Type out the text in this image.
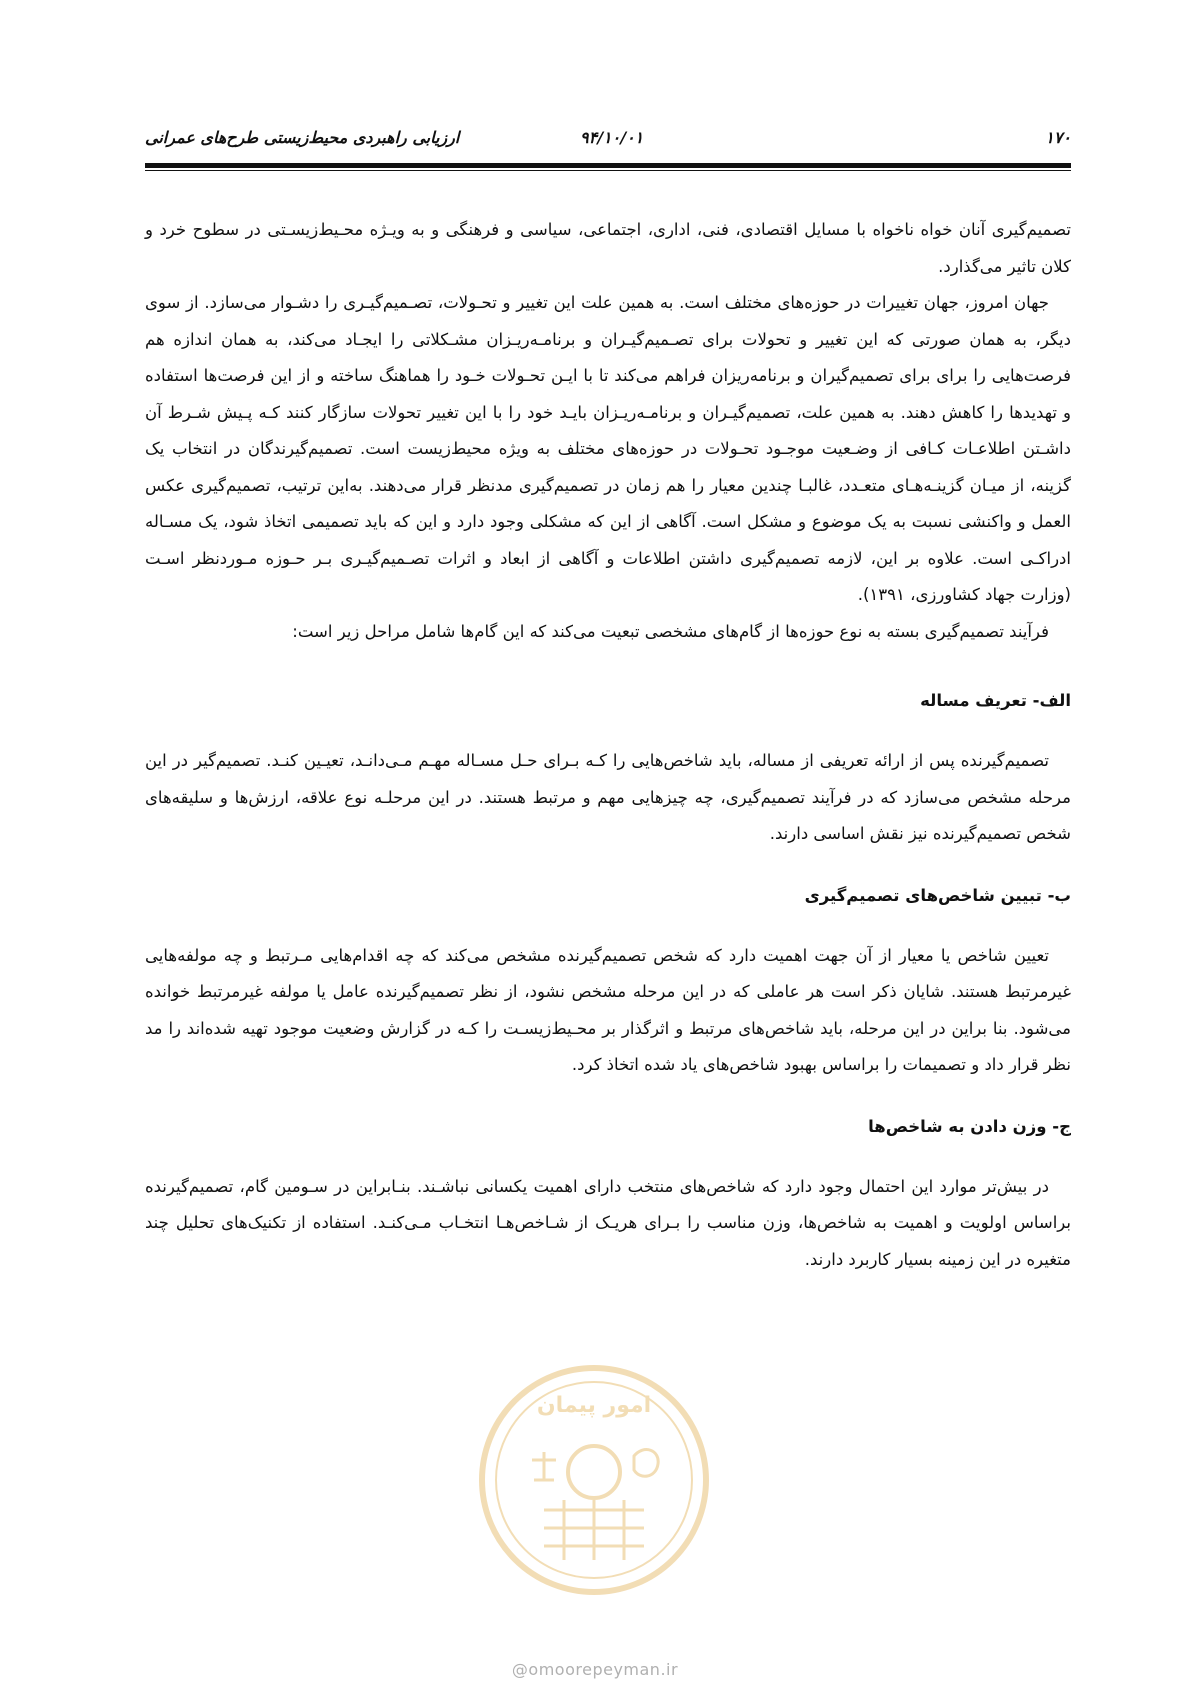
۱۷۰
۹۴/۱۰/۰۱
ارزیابی راهبردی محیط‌زیستی طرح‌های عمرانی

تصمیم‌گیری آنان خواه ناخواه با مسایل اقتصادی، فنی، اداری، اجتماعی، سیاسی و فرهنگی و به ویـژه محـیط‌زیسـتی در سطوح خرد و کلان تاثیر می‌گذارد.

جهان امروز، جهان تغییرات در حوزه‌های مختلف است. به همین علت این تغییر و تحـولات، تصـمیم‌گیـری را دشـوار می‌سازد. از سوی دیگر، به همان صورتی که این تغییر و تحولات برای تصـمیم‌گیـران و برنامـه‌ریـزان مشـکلاتی را ایجـاد می‌کند، به همان اندازه هم فرصت‌هایی را برای برای تصمیم‌گیران و برنامه‌ریزان فراهم می‌کند تا با ایـن تحـولات خـود را هماهنگ ساخته و از این فرصت‌ها استفاده و تهدیدها را کاهش دهند. به همین علت، تصمیم‌گیـران و برنامـه‌ریـزان بایـد خود را با این تغییر تحولات سازگار کنند کـه پـیش شـرط آن داشـتن اطلاعـات کـافی از وضـعیت موجـود تحـولات در حوزه‌های مختلف به ویژه محیط‌زیست است. تصمیم‌گیرندگان در انتخاب یک گزینه، از میـان گزینـه‌هـای متعـدد، غالبـا چندین معیار را هم زمان در تصمیم‌گیری مدنظر قرار می‌دهند. به‌این ترتیب، تصمیم‌گیری عکس العمل و واکنشی نسبت به یک موضوع و مشکل است. آگاهی از این که مشکلی وجود دارد و این که باید تصمیمی اتخاذ شود، یک مسـاله ادراکـی است. علاوه بر این، لازمه تصمیم‌گیری داشتن اطلاعات و آگاهی از ابعاد و اثرات تصـمیم‌گیـری بـر حـوزه مـوردنظر اسـت (وزارت جهاد کشاورزی، ۱۳۹۱).

فرآیند تصمیم‌گیری بسته به نوع حوزه‌ها از گام‌های مشخصی تبعیت می‌کند که این گام‌ها شامل مراحل زیر است:

الف- تعریف مساله

تصمیم‌گیرنده پس از ارائه تعریفی از مساله، باید شاخص‌هایی را کـه بـرای حـل مسـاله مهـم مـی‌دانـد، تعیـین کنـد. تصمیم‌گیر در این مرحله مشخص می‌سازد که در فرآیند تصمیم‌گیری، چه چیزهایی مهم و مرتبط هستند. در این مرحلـه نوع علاقه، ارزش‌ها و سلیقه‌های شخص تصمیم‌گیرنده نیز نقش اساسی دارند.

ب- تبیین شاخص‌های تصمیم‌گیری

تعیین شاخص یا معیار از آن جهت اهمیت دارد که شخص تصمیم‌گیرنده مشخص می‌کند که چه اقدام‌هایی مـرتبط و چه مولفه‌هایی غیرمرتبط هستند. شایان ذکر است هر عاملی که در این مرحله مشخص نشود، از نظر تصمیم‌گیرنده عامل یا مولفه غیرمرتبط خوانده می‌شود. بنا براین در این مرحله، باید شاخص‌های مرتبط و اثرگذار بر محـیط‌زیسـت را کـه در گزارش وضعیت موجود تهیه شده‌اند را مد نظر قرار داد و تصمیمات را براساس بهبود شاخص‌های یاد شده اتخاذ کرد.

ج- وزن دادن به شاخص‌ها

در بیش‌تر موارد این احتمال وجود دارد که شاخص‌های منتخب دارای اهمیت یکسانی نباشـند. بنـابراین در سـومین گام، تصمیم‌گیرنده براساس اولویت و اهمیت به شاخص‌ها، وزن مناسب را بـرای هریـک از شـاخص‌هـا انتخـاب مـی‌کنـد. استفاده از تکنیک‌های تحلیل چند متغیره در این زمینه بسیار کاربرد دارند.

امور پیمان
@omoorepeyman.ir
